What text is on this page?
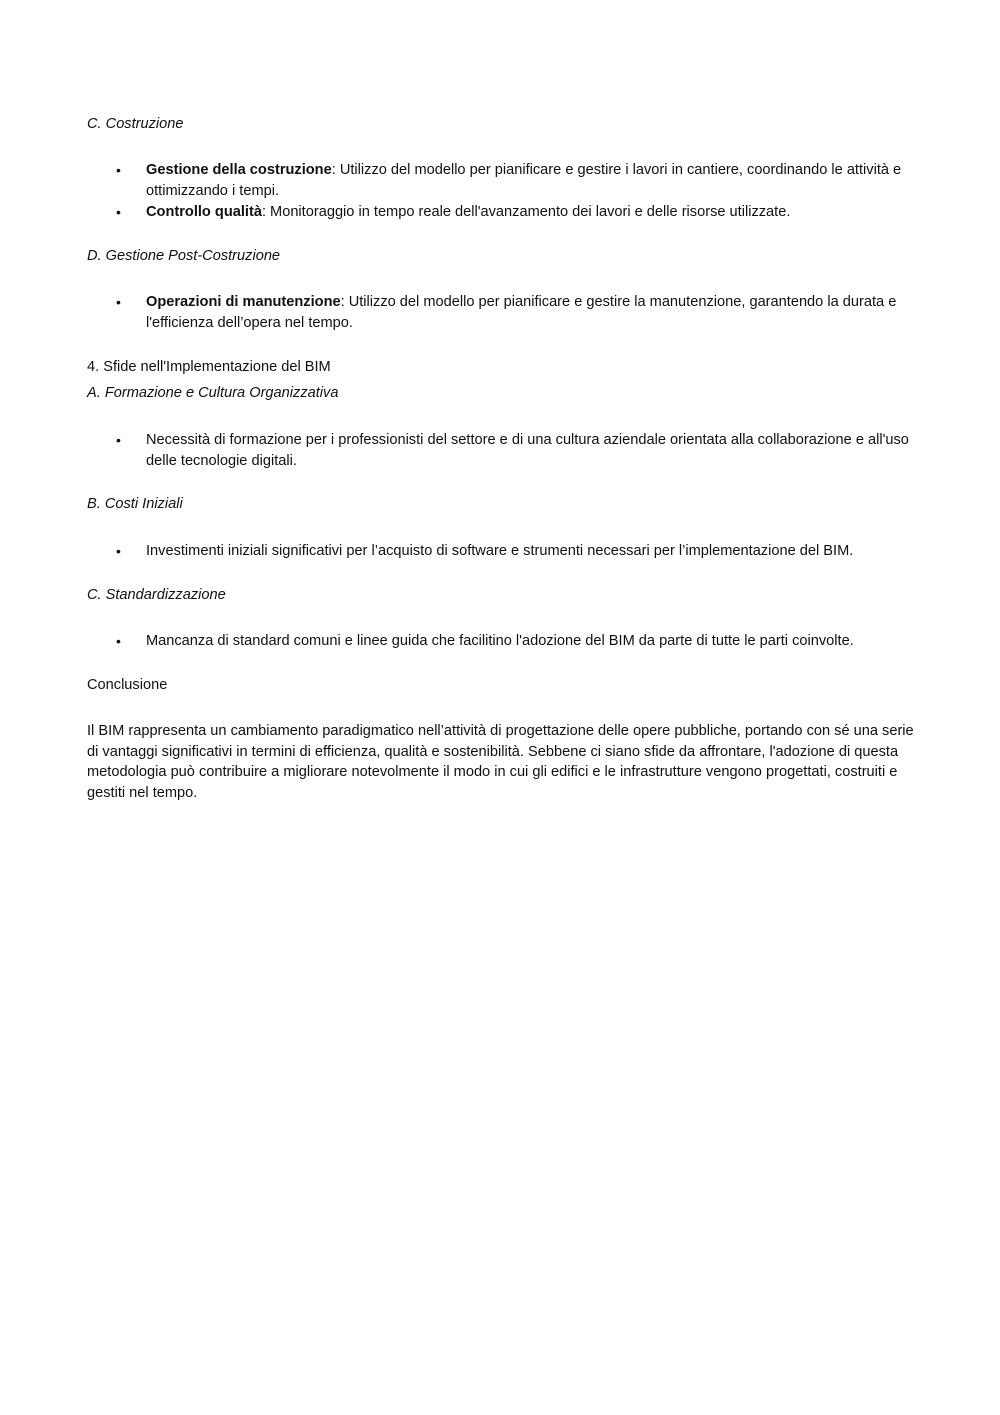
C. Costruzione

• Gestione della costruzione: Utilizzo del modello per pianificare e gestire i lavori in cantiere, coordinando le attività e ottimizzando i tempi.

• Controllo qualità: Monitoraggio in tempo reale dell'avanzamento dei lavori e delle risorse utilizzate.

D. Gestione Post-Costruzione

• Operazioni di manutenzione: Utilizzo del modello per pianificare e gestire la manutenzione, garantendo la durata e l'efficienza dell’opera nel tempo.

4. Sfide nell'Implementazione del BIM

A. Formazione e Cultura Organizzativa

• Necessità di formazione per i professionisti del settore e di una cultura aziendale orientata alla collaborazione e all'uso delle tecnologie digitali.

B. Costi Iniziali

• Investimenti iniziali significativi per l’acquisto di software e strumenti necessari per l’implementazione del BIM.

C. Standardizzazione

• Mancanza di standard comuni e linee guida che facilitino l'adozione del BIM da parte di tutte le parti coinvolte.

Conclusione

Il BIM rappresenta un cambiamento paradigmatico nell’attività di progettazione delle opere pubbliche, portando con sé una serie di vantaggi significativi in termini di efficienza, qualità e sostenibilità. Sebbene ci siano sfide da affrontare, l'adozione di questa metodologia può contribuire a migliorare notevolmente il modo in cui gli edifici e le infrastrutture vengono progettati, costruiti e gestiti nel tempo.
